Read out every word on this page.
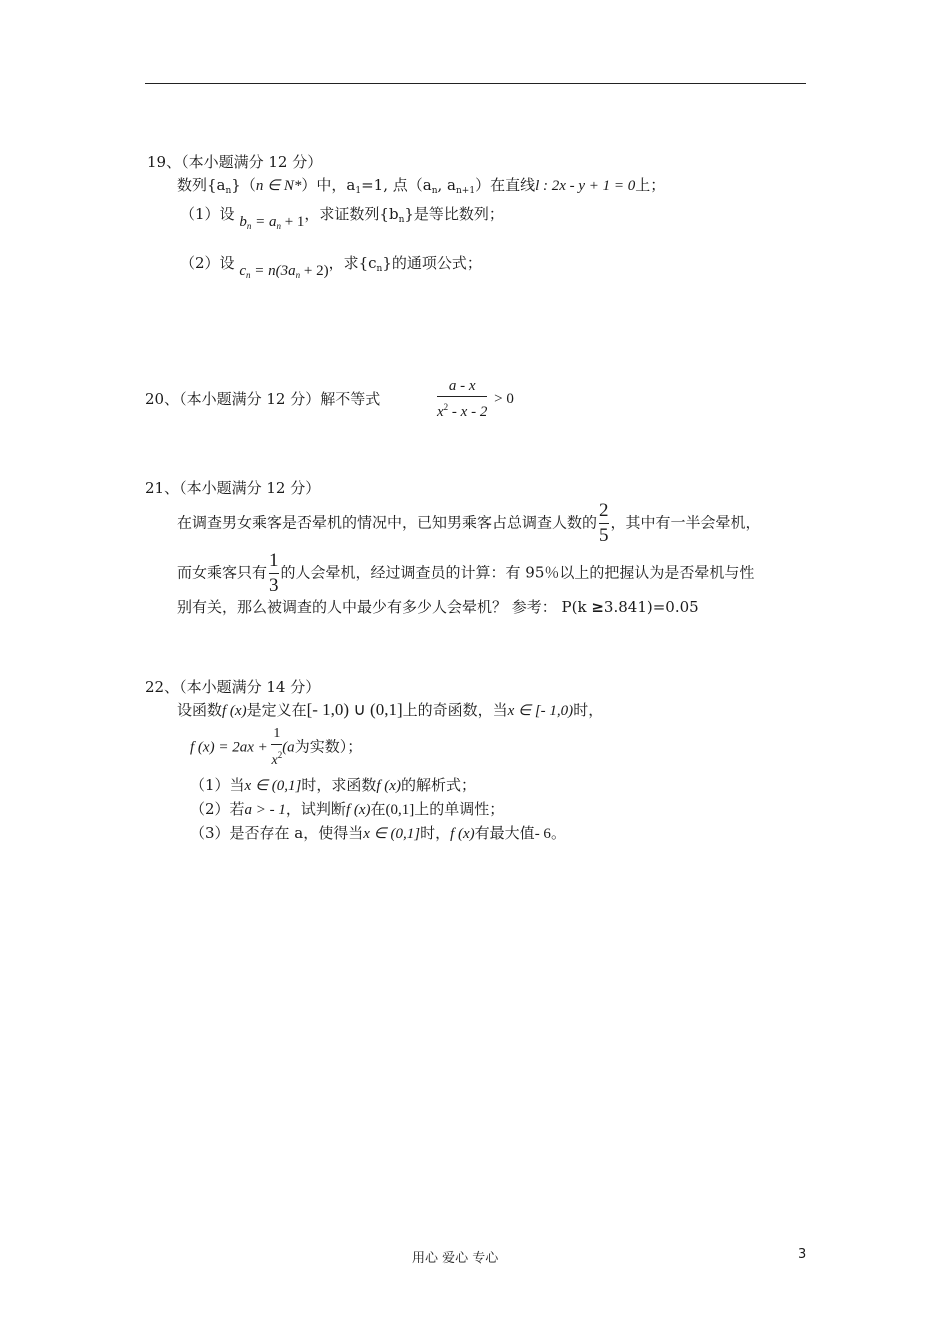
19、（本小题满分 12 分）
数列$\{a_n\}(n$ ∈ N*）中，$a_1=1$, 点（$a_n$, $a_{n+1}$）在直线l : 2x - y + 1 = 0上；
（1）设 $b_n = a_n + 1$，求证数列$\{b_n\}$是等比数列；
（2）设 $c_n = n(3a_n + 2)$，求$\{c_n\}$的通项公式；
20、（本小题满分 12 分）解不等式	$\frac{a - x}{x^2 - x - 2} > 0$
21、（本小题满分 12 分）
在调查男女乘客是否晕机的情况中，已知男乘客占总调查人数的 $\frac{2}{5}$ ，其中有一半会晕机，
而女乘客只有 $\frac{1}{3}$ 的人会晕机，经过调查员的计算：有 95％以上的把握认为是否晕机与性
别有关，那么被调查的人中最少有多少人会晕机？ 参考： P(k ≥3.841)=0.05
22、（本小题满分 14 分）
设函数f (x)是定义在[- 1,0) ∪ (0,1]上的奇函数，当x ∈ [- 1,0)时，
f $(x) = 2ax + \frac{1}{x^2} (a$为实数）；
（1）当x ∈ (0,1]时，求函数f (x)的解析式；
（2）若a > - 1，试判断f (x)在(0,1]上的单调性；
（3）是否存在 a，使得当x ∈ (0,1]时，f (x)有最大值- 6。
用心 爱心 专心	3
